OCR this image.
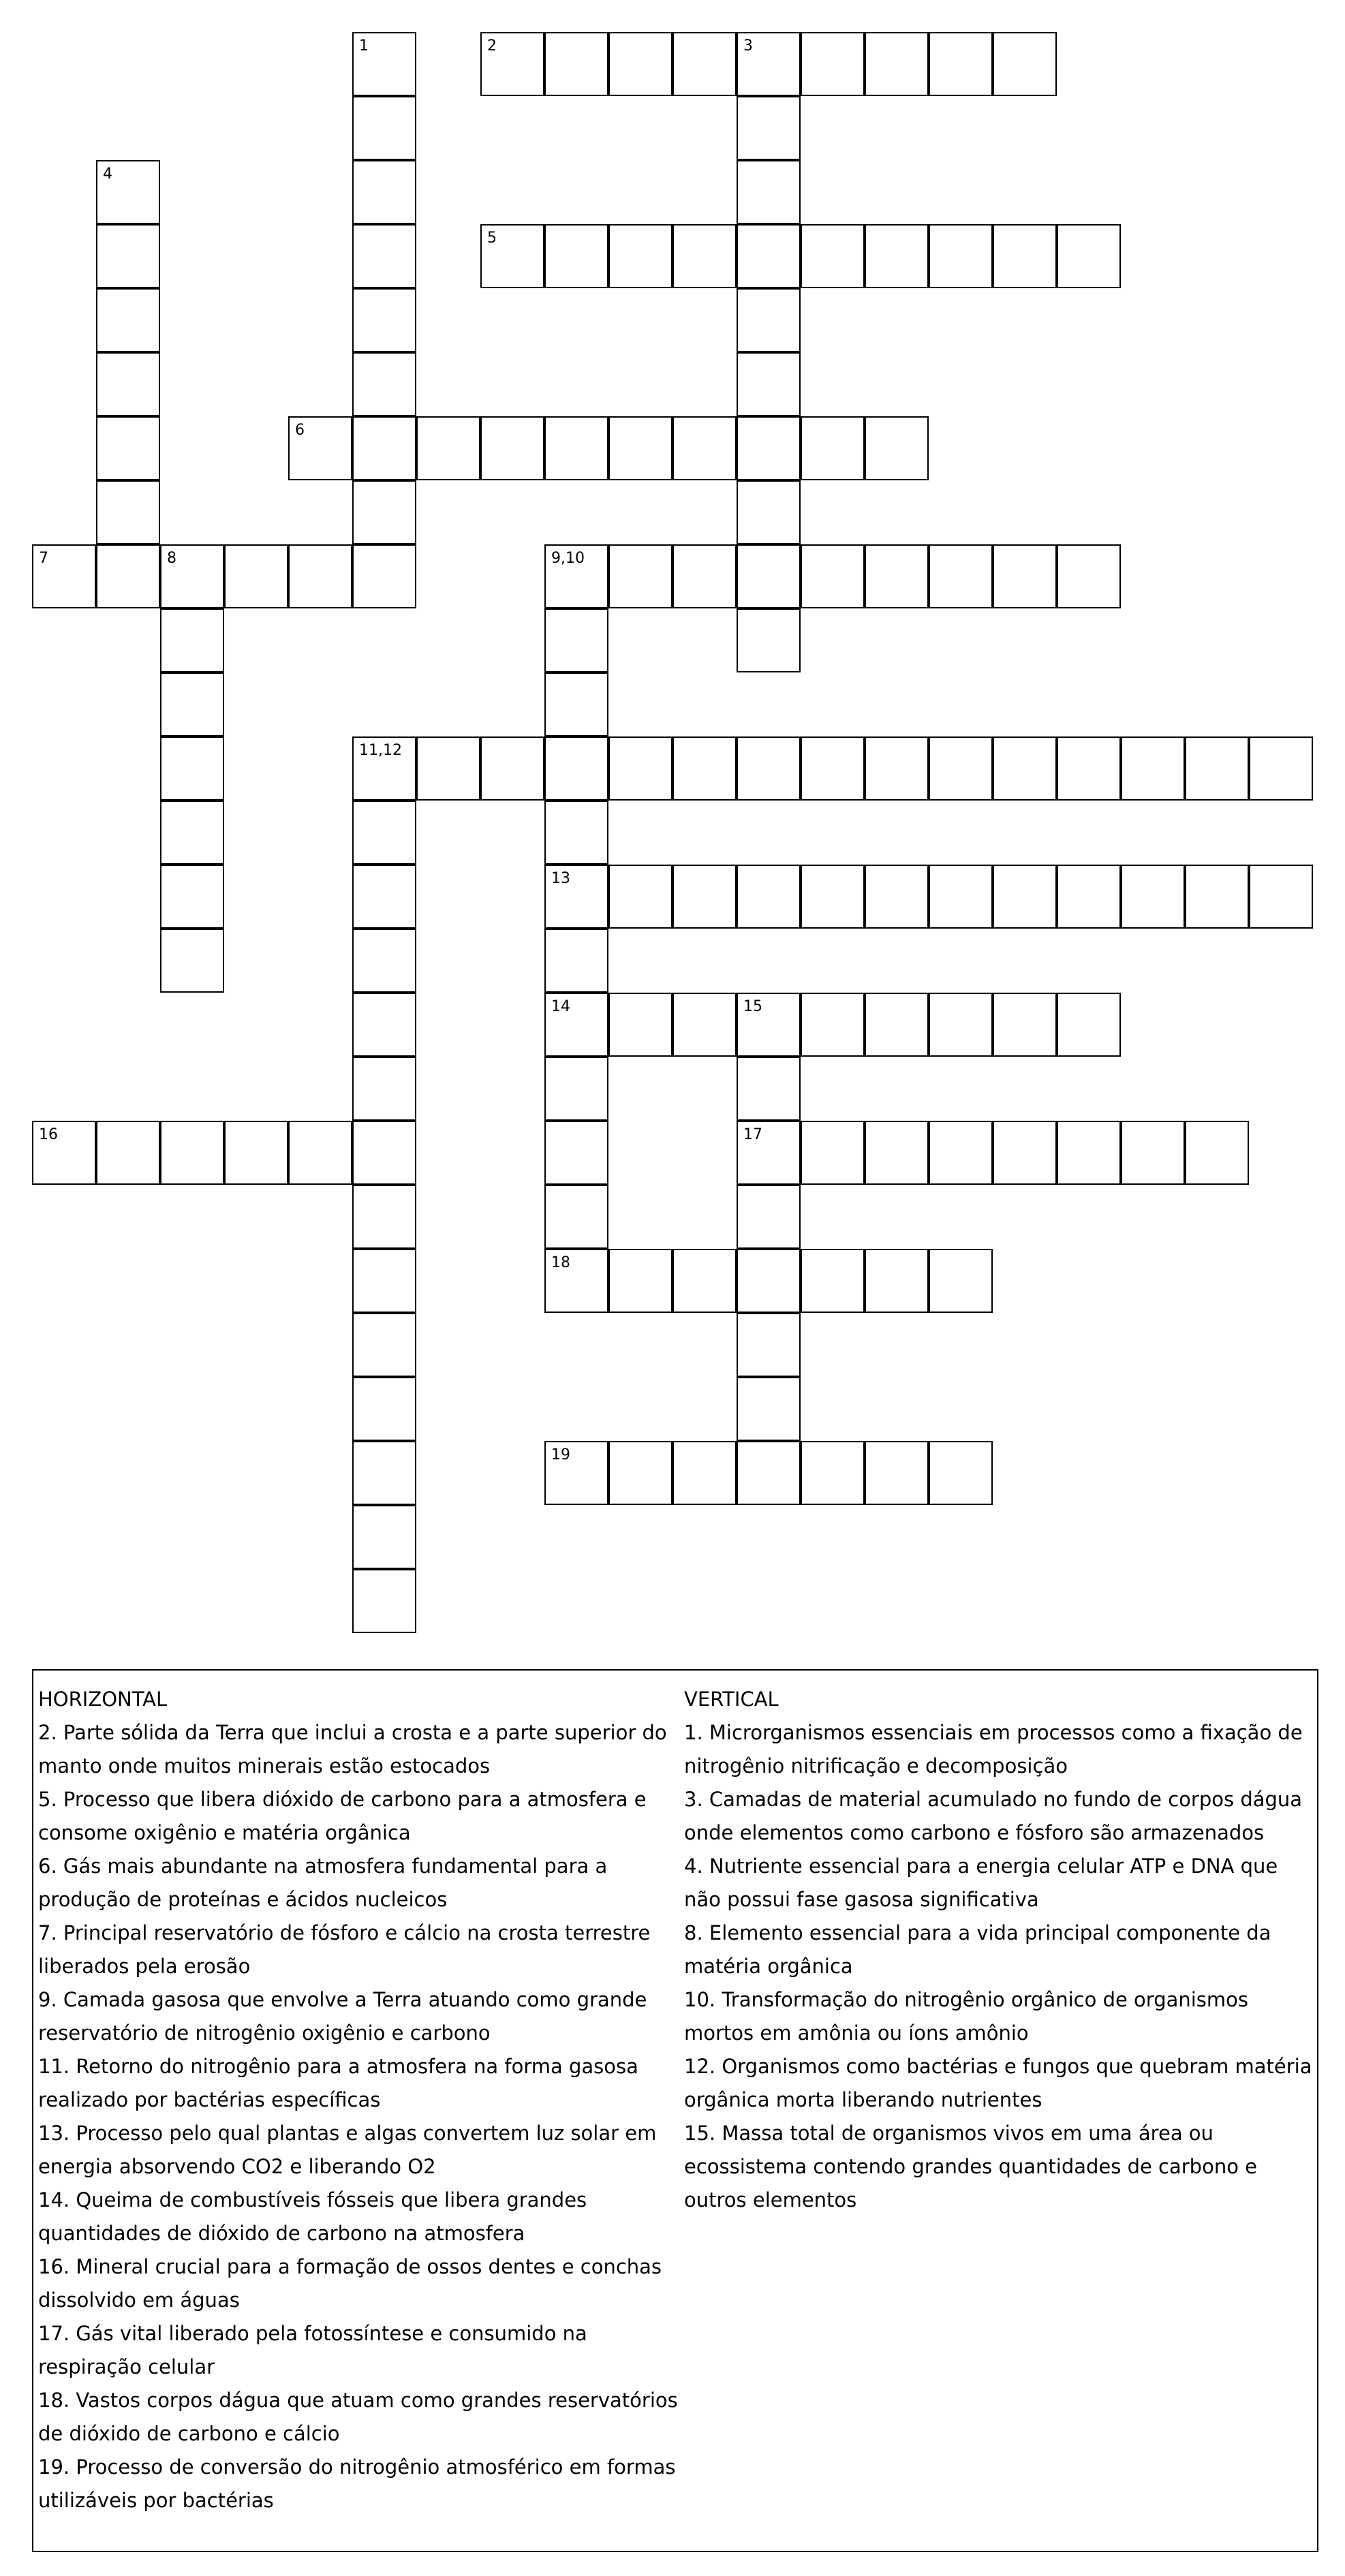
1	2	3
4
5
6
7	8	9,10
13
14
18
11,12
15
17
16
19
HORIZONTAL
2. Parte sólida da Terra que inclui a crosta e a parte superior do manto onde muitos minerais estão estocados
5. Processo que libera dióxido de carbono para a atmosfera e consome oxigênio e matéria orgânica
6. Gás mais abundante na atmosfera fundamental para a produção de proteínas e ácidos nucleicos
7. Principal reservatório de fósforo e cálcio na crosta terrestre liberados pela erosão
9. Camada gasosa que envolve a Terra atuando como grande reservatório de nitrogênio oxigênio e carbono
11. Retorno do nitrogênio para a atmosfera na forma gasosa realizado por bactérias específicas
13. Processo pelo qual plantas e algas convertem luz solar em energia absorvendo CO2 e liberando O2
14. Queima de combustíveis fósseis que libera grandes quantidades de dióxido de carbono na atmosfera
16. Mineral crucial para a formação de ossos dentes e conchas dissolvido em águas
17. Gás vital liberado pela fotossíntese e consumido na respiração celular
18. Vastos corpos dágua que atuam como grandes reservatórios de dióxido de carbono e cálcio
19. Processo de conversão do nitrogênio atmosférico em formas utilizáveis por bactérias
VERTICAL
1. Microrganismos essenciais em processos como a fixação de nitrogênio nitrificação e decomposição
3. Camadas de material acumulado no fundo de corpos dágua onde elementos como carbono e fósforo são armazenados
4. Nutriente essencial para a energia celular ATP e DNA que não possui fase gasosa significativa
8. Elemento essencial para a vida principal componente da matéria orgânica
10. Transformação do nitrogênio orgânico de organismos mortos em amônia ou íons amônio
12. Organismos como bactérias e fungos que quebram matéria orgânica morta liberando nutrientes
15. Massa total de organismos vivos em uma área ou ecossistema contendo grandes quantidades de carbono e outros elementos
